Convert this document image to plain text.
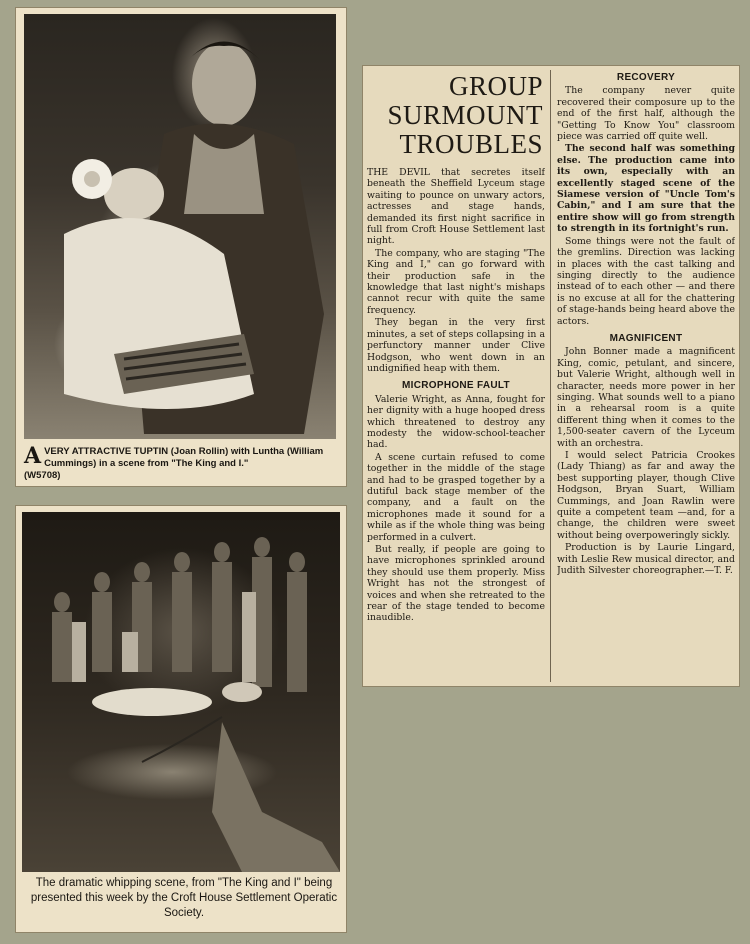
A VERY ATTRACTIVE TUPTIN (Joan Rollin) with Luntha (William Cummings) in a scene from "The King and I."
(W5708)
The dramatic whipping scene, from "The King and I" being presented this week by the Croft House Settlement Operatic Society.
GROUP
SURMOUNT
TROUBLES

THE DEVIL that secretes itself beneath the Sheffield Lyceum stage waiting to pounce on unwary actors, actresses and stage hands, demanded its first night sacrifice in full from Croft House Settlement last night.

The company, who are staging "The King and I," can go forward with their production safe in the knowledge that last night's mishaps cannot recur with quite the same frequency.

They began in the very first minutes, a set of steps collapsing in a perfunctory manner under Clive Hodgson, who went down in an undignified heap with them.

MICROPHONE FAULT

Valerie Wright, as Anna, fought for her dignity with a huge hooped dress which threatened to destroy any modesty the widow-school-teacher had.

A scene curtain refused to come together in the middle of the stage and had to be grasped together by a dutiful back stage member of the company, and a fault on the microphones made it sound for a while as if the whole thing was being performed in a culvert.

But really, if people are going to have microphones sprinkled around they should use them properly. Miss Wright has not the strongest of voices and when she retreated to the rear of the stage tended to become inaudible.

RECOVERY

The company never quite recovered their composure up to the end of the first half, although the "Getting To Know You" classroom piece was carried off quite well.

The second half was something else. The production came into its own, especially with an excellently staged scene of the Siamese version of "Uncle Tom's Cabin," and I am sure that the entire show will go from strength to strength in its fortnight's run.

Some things were not the fault of the gremlins. Direction was lacking in places with the cast talking and singing directly to the audience instead of to each other — and there is no excuse at all for the chattering of stage-hands being heard above the actors.

MAGNIFICENT

John Bonner made a magnificent King, comic, petulant, and sincere, but Valerie Wright, although well in character, needs more power in her singing. What sounds well to a piano in a rehearsal room is a quite different thing when it comes to the 1,500-seater cavern of the Lyceum with an orchestra.

I would select Patricia Crookes (Lady Thiang) as far and away the best supporting player, though Clive Hodgson, Bryan Suart, William Cummings, and Joan Rawlin were quite a competent team —and, for a change, the children were sweet without being overpoweringly sickly.

Production is by Laurie Lingard, with Leslie Rew musical director, and Judith Silvester choreographer.—T. F.
